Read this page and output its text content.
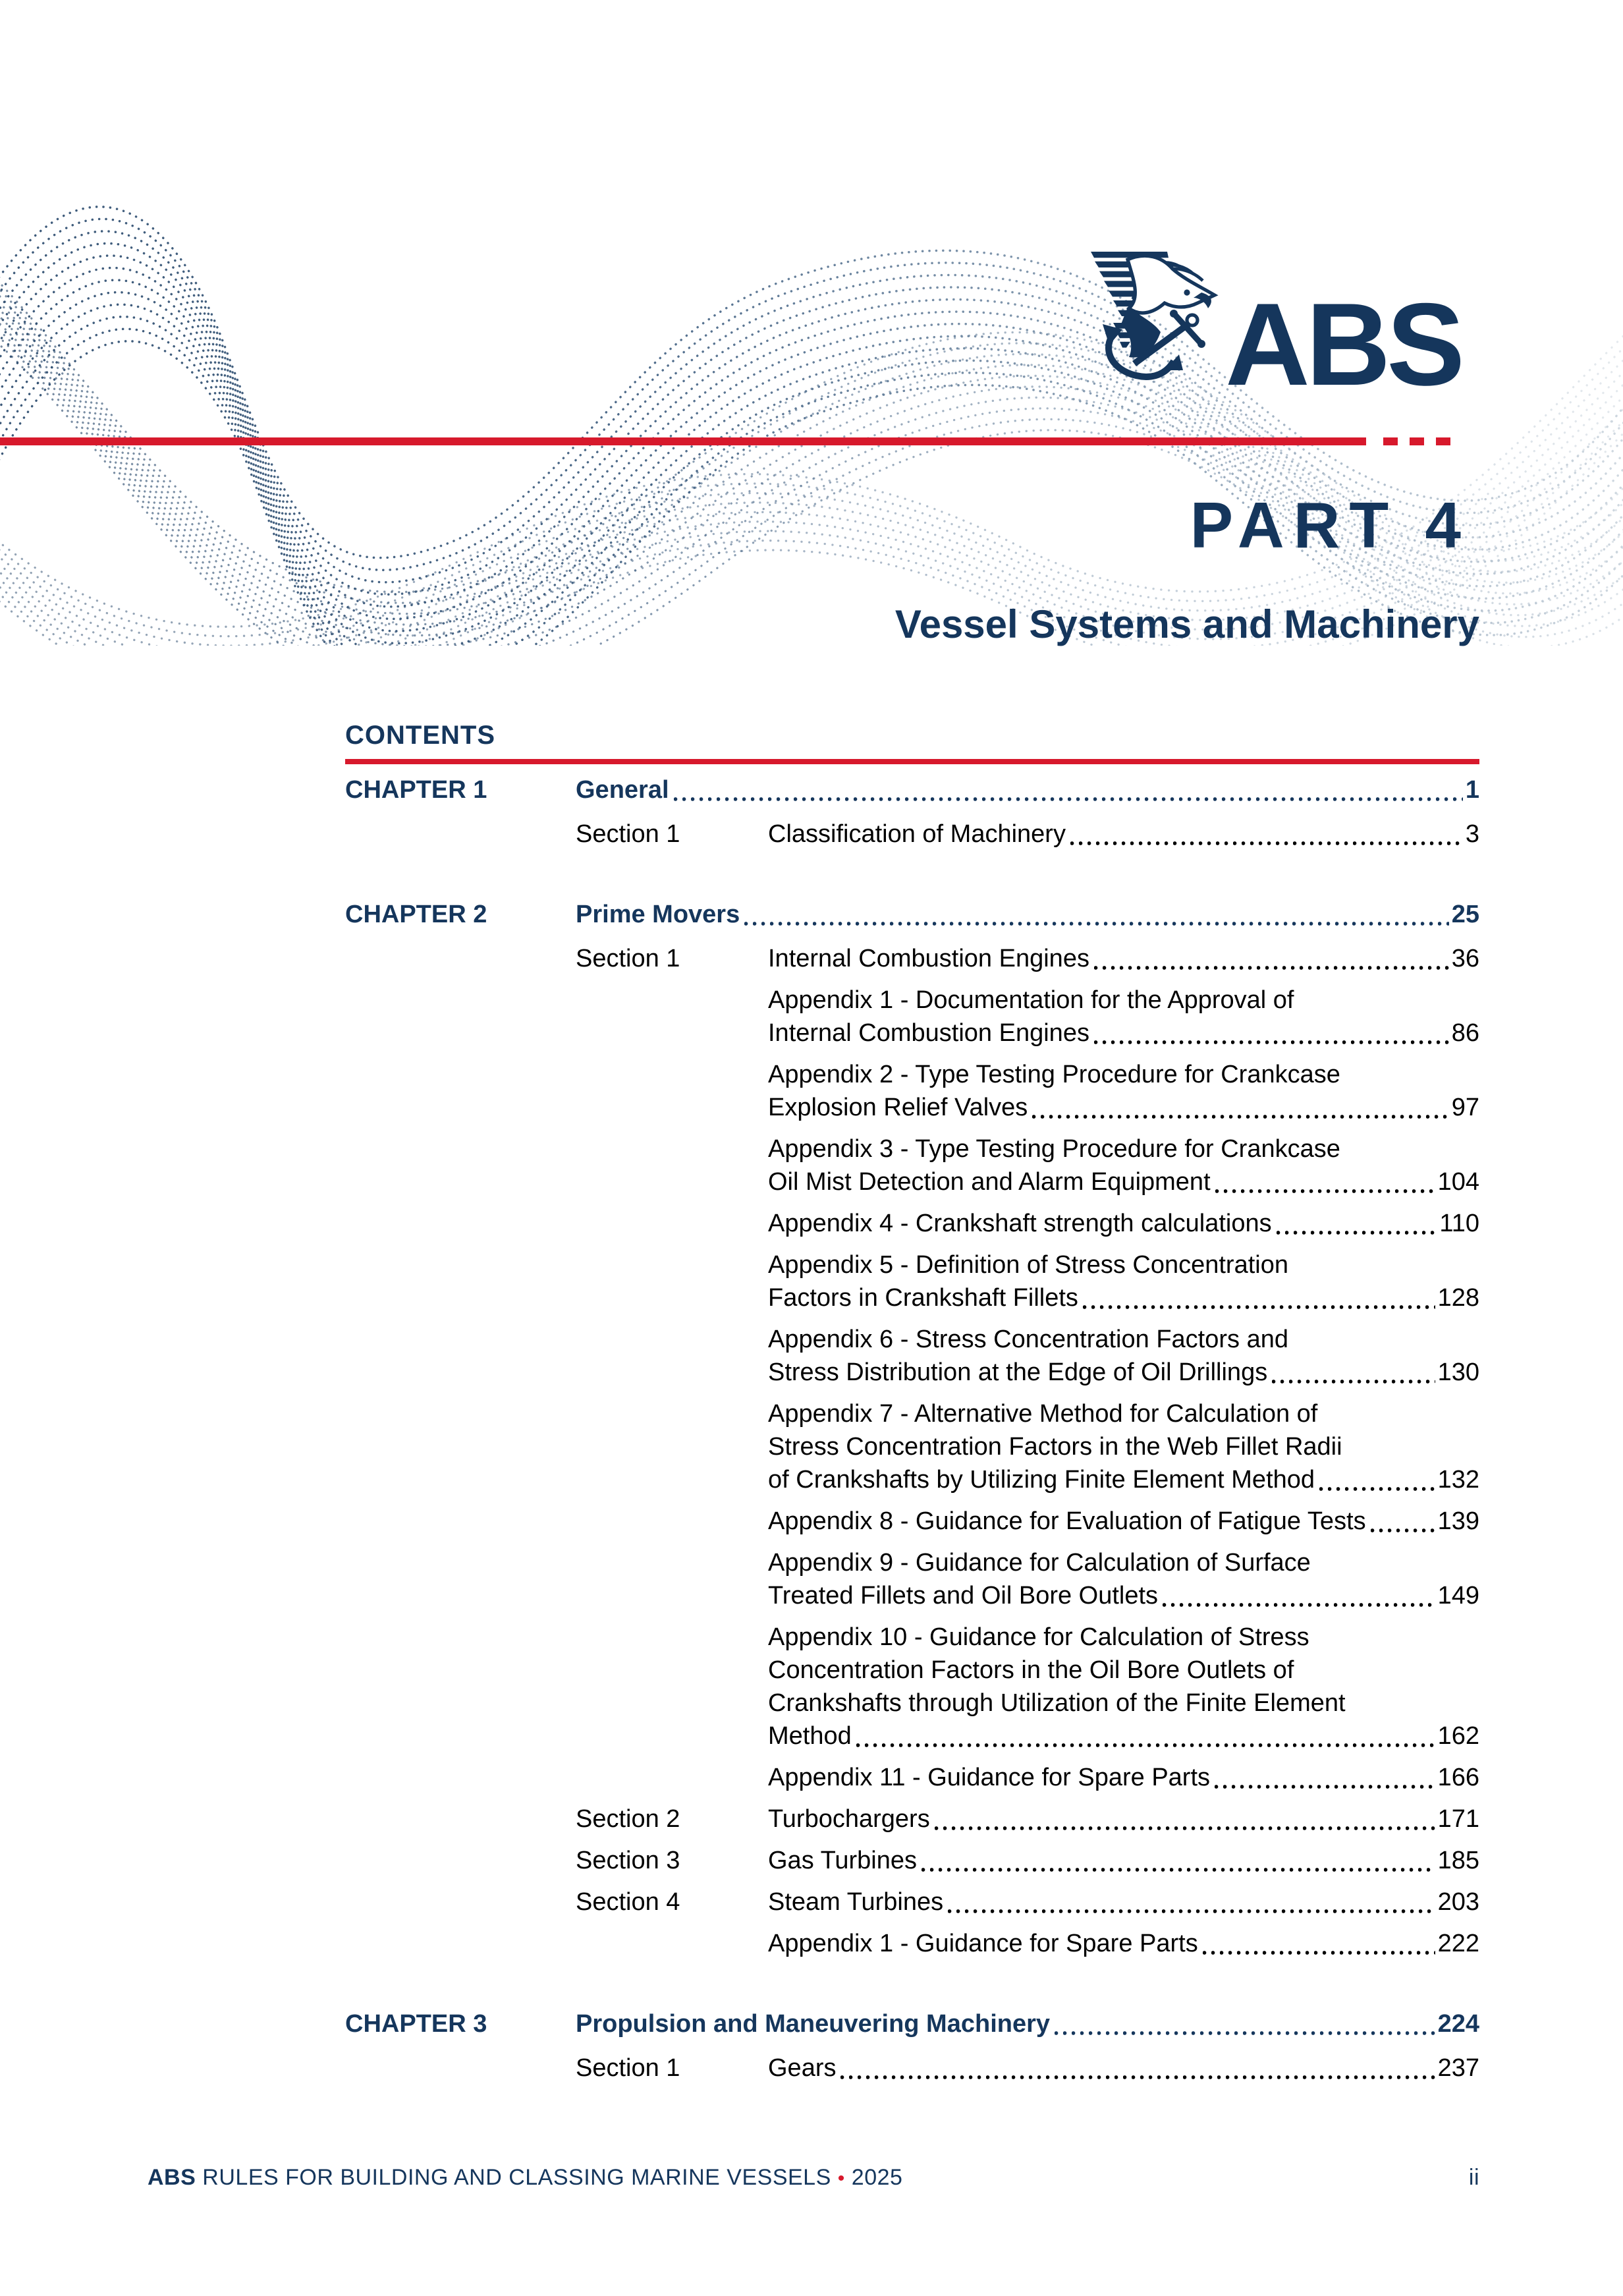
ABS
PART 4
Vessel Systems and Machinery
CONTENTS
CHAPTER 1	General	1
Section 1	Classification of Machinery	3
CHAPTER 2	Prime Movers	25
Section 1	Internal Combustion Engines	36
Appendix 1 - Documentation for the Approval of
Internal Combustion Engines	86
Appendix 2 - Type Testing Procedure for Crankcase
Explosion Relief Valves	97
Appendix 3 - Type Testing Procedure for Crankcase
Oil Mist Detection and Alarm Equipment	104
Appendix 4 - Crankshaft strength calculations	110
Appendix 5 - Definition of Stress Concentration
Factors in Crankshaft Fillets	128
Appendix 6 - Stress Concentration Factors and
Stress Distribution at the Edge of Oil Drillings	130
Appendix 7 - Alternative Method for Calculation of
Stress Concentration Factors in the Web Fillet Radii
of Crankshafts by Utilizing Finite Element Method	132
Appendix 8 - Guidance for Evaluation of Fatigue Tests	139
Appendix 9 - Guidance for Calculation of Surface
Treated Fillets and Oil Bore Outlets	149
Appendix 10 - Guidance for Calculation of Stress
Concentration Factors in the Oil Bore Outlets of
Crankshafts through Utilization of the Finite Element
Method	162
Appendix 11 - Guidance for Spare Parts	166
Section 2	Turbochargers	171
Section 3	Gas Turbines	185
Section 4	Steam Turbines	203
Appendix 1 - Guidance for Spare Parts	222
CHAPTER 3	Propulsion and Maneuvering Machinery	224
Section 1	Gears	237
ABS RULES FOR BUILDING AND CLASSING MARINE VESSELS • 2025	ii
